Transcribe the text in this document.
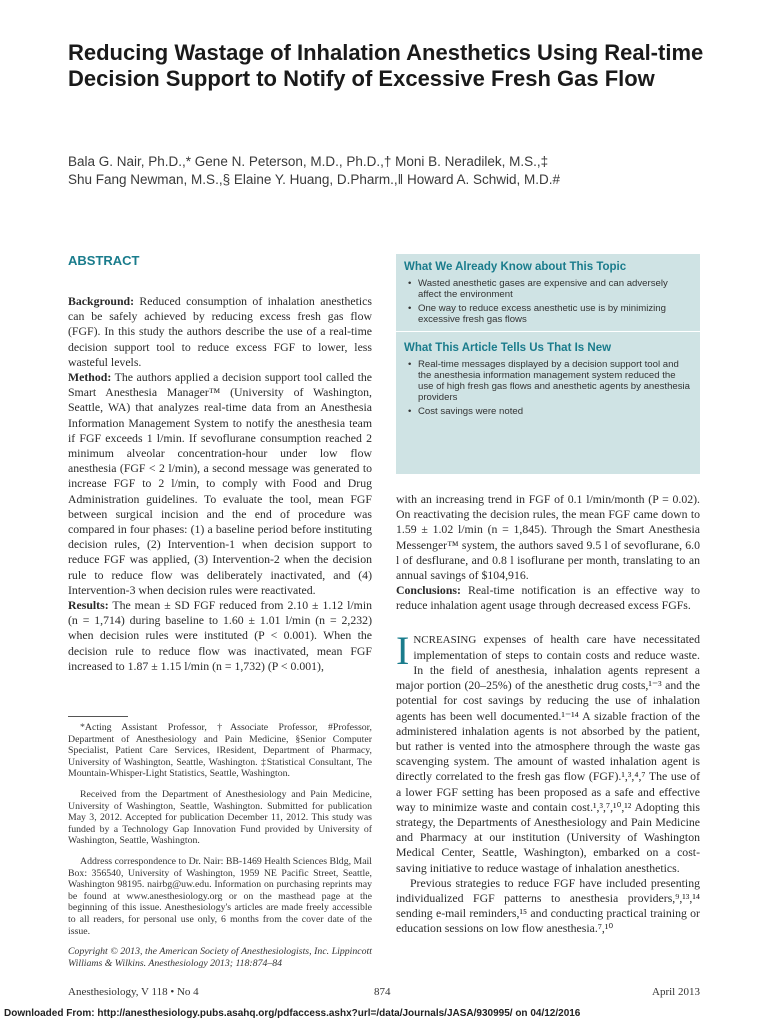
Reducing Wastage of Inhalation Anesthetics Using Real-time Decision Support to Notify of Excessive Fresh Gas Flow
Bala G. Nair, Ph.D.,* Gene N. Peterson, M.D., Ph.D.,† Moni B. Neradilek, M.S.,‡
Shu Fang Newman, M.S.,§ Elaine Y. Huang, D.Pharm.,‖ Howard A. Schwid, M.D.#
ABSTRACT

Background: Reduced consumption of inhalation anesthetics can be safely achieved by reducing excess fresh gas flow (FGF). In this study the authors describe the use of a real-time decision support tool to reduce excess FGF to lower, less wasteful levels.

Method: The authors applied a decision support tool called the Smart Anesthesia Manager™ (University of Washington, Seattle, WA) that analyzes real-time data from an Anesthesia Information Management System to notify the anesthesia team if FGF exceeds 1 l/min. If sevoflurane consumption reached 2 minimum alveolar concentration-hour under low flow anesthesia (FGF < 2 l/min), a second message was generated to increase FGF to 2 l/min, to comply with Food and Drug Administration guidelines. To evaluate the tool, mean FGF between surgical incision and the end of procedure was compared in four phases: (1) a baseline period before instituting decision rules, (2) Intervention-1 when decision support to reduce FGF was applied, (3) Intervention-2 when the decision rule to reduce flow was deliberately inactivated, and (4) Intervention-3 when decision rules were reactivated.

Results: The mean ± SD FGF reduced from 2.10 ± 1.12 l/min (n = 1,714) during baseline to 1.60 ± 1.01 l/min (n = 2,232) when decision rules were instituted (P < 0.001). When the decision rule to reduce flow was inactivated, mean FGF increased to 1.87 ± 1.15 l/min (n = 1,732) (P < 0.001),

*Acting Assistant Professor, †Associate Professor, #Professor, Department of Anesthesiology and Pain Medicine, §Senior Computer Specialist, Patient Care Services, ‖Resident, Department of Pharmacy, University of Washington, Seattle, Washington. ‡Statistical Consultant, The Mountain-Whisper-Light Statistics, Seattle, Washington.

Received from the Department of Anesthesiology and Pain Medicine, University of Washington, Seattle, Washington. Submitted for publication May 3, 2012. Accepted for publication December 11, 2012. This study was funded by a Technology Gap Innovation Fund provided by University of Washington, Seattle, Washington.

Address correspondence to Dr. Nair: BB-1469 Health Sciences Bldg, Mail Box: 356540, University of Washington, 1959 NE Pacific Street, Seattle, Washington 98195. nairbg@uw.edu. Information on purchasing reprints may be found at www.anesthesiology.org or on the masthead page at the beginning of this issue. Anesthesiology's articles are made freely accessible to all readers, for personal use only, 6 months from the cover date of the issue.

Copyright © 2013, the American Society of Anesthesiologists, Inc. Lippincott Williams & Wilkins. Anesthesiology 2013; 118:874–84

What We Already Know about This Topic
• Wasted anesthetic gases are expensive and can adversely affect the environment
• One way to reduce excess anesthetic use is by minimizing excessive fresh gas flows
What This Article Tells Us That Is New
• Real-time messages displayed by a decision support tool and the anesthesia information management system reduced the use of high fresh gas flows and anesthetic agents by anesthesia providers
• Cost savings were noted

with an increasing trend in FGF of 0.1 l/min/month (P = 0.02). On reactivating the decision rules, the mean FGF came down to 1.59 ± 1.02 l/min (n = 1,845). Through the Smart Anesthesia Messenger™ system, the authors saved 9.5 l of sevoflurane, 6.0 l of desflurane, and 0.8 l isoflurane per month, translating to an annual savings of $104,916.

Conclusions: Real-time notification is an effective way to reduce inhalation agent usage through decreased excess FGFs.

INCREASING expenses of health care have necessitated implementation of steps to contain costs and reduce waste. In the field of anesthesia, inhalation agents represent a major portion (20–25%) of the anesthetic drug costs,¹⁻³ and the potential for cost savings by reducing the use of inhalation agents has been well documented.¹⁻¹⁴ A sizable fraction of the administered inhalation agents is not absorbed by the patient, but rather is vented into the atmosphere through the waste gas scavenging system. The amount of wasted inhalation agent is directly correlated to the fresh gas flow (FGF).¹,³,⁴,⁷ The use of a lower FGF setting has been proposed as a safe and effective way to minimize waste and contain cost.¹,³,⁷,¹⁰,¹² Adopting this strategy, the Departments of Anesthesiology and Pain Medicine and Pharmacy at our institution (University of Washington Medical Center, Seattle, Washington), embarked on a cost-saving initiative to reduce wastage of inhalation anesthetics.

Previous strategies to reduce FGF have included presenting individualized FGF patterns to anesthesia providers,⁹,¹³,¹⁴ sending e-mail reminders,¹⁵ and conducting practical training or education sessions on low flow anesthesia.⁷,¹⁰

Anesthesiology, V 118 • No 4	874	April 2013
Downloaded From: http://anesthesiology.pubs.asahq.org/pdfaccess.ashx?url=/data/Journals/JASA/930995/ on 04/12/2016
